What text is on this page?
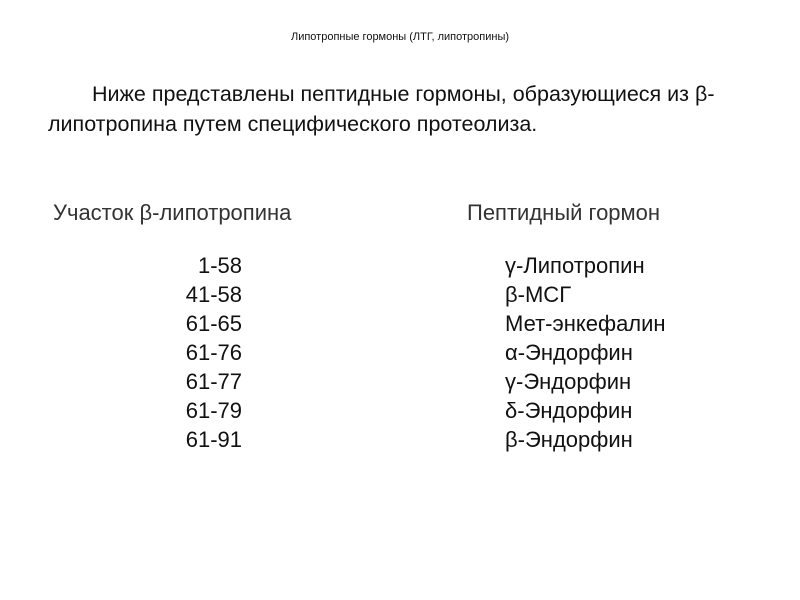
Липотропные гормоны (ЛТГ, липотропины)
Ниже представлены пептидные гормоны, образующиеся из β-липотропина путем специфического протеолиза.
Участок β-липотропина	Пептидный гормон
1-58	γ-Липотропин
41-58	β-МСГ
61-65	Мет-энкефалин
61-76	α-Эндорфин
61-77	γ-Эндорфин
61-79	δ-Эндорфин
61-91	β-Эндорфин
